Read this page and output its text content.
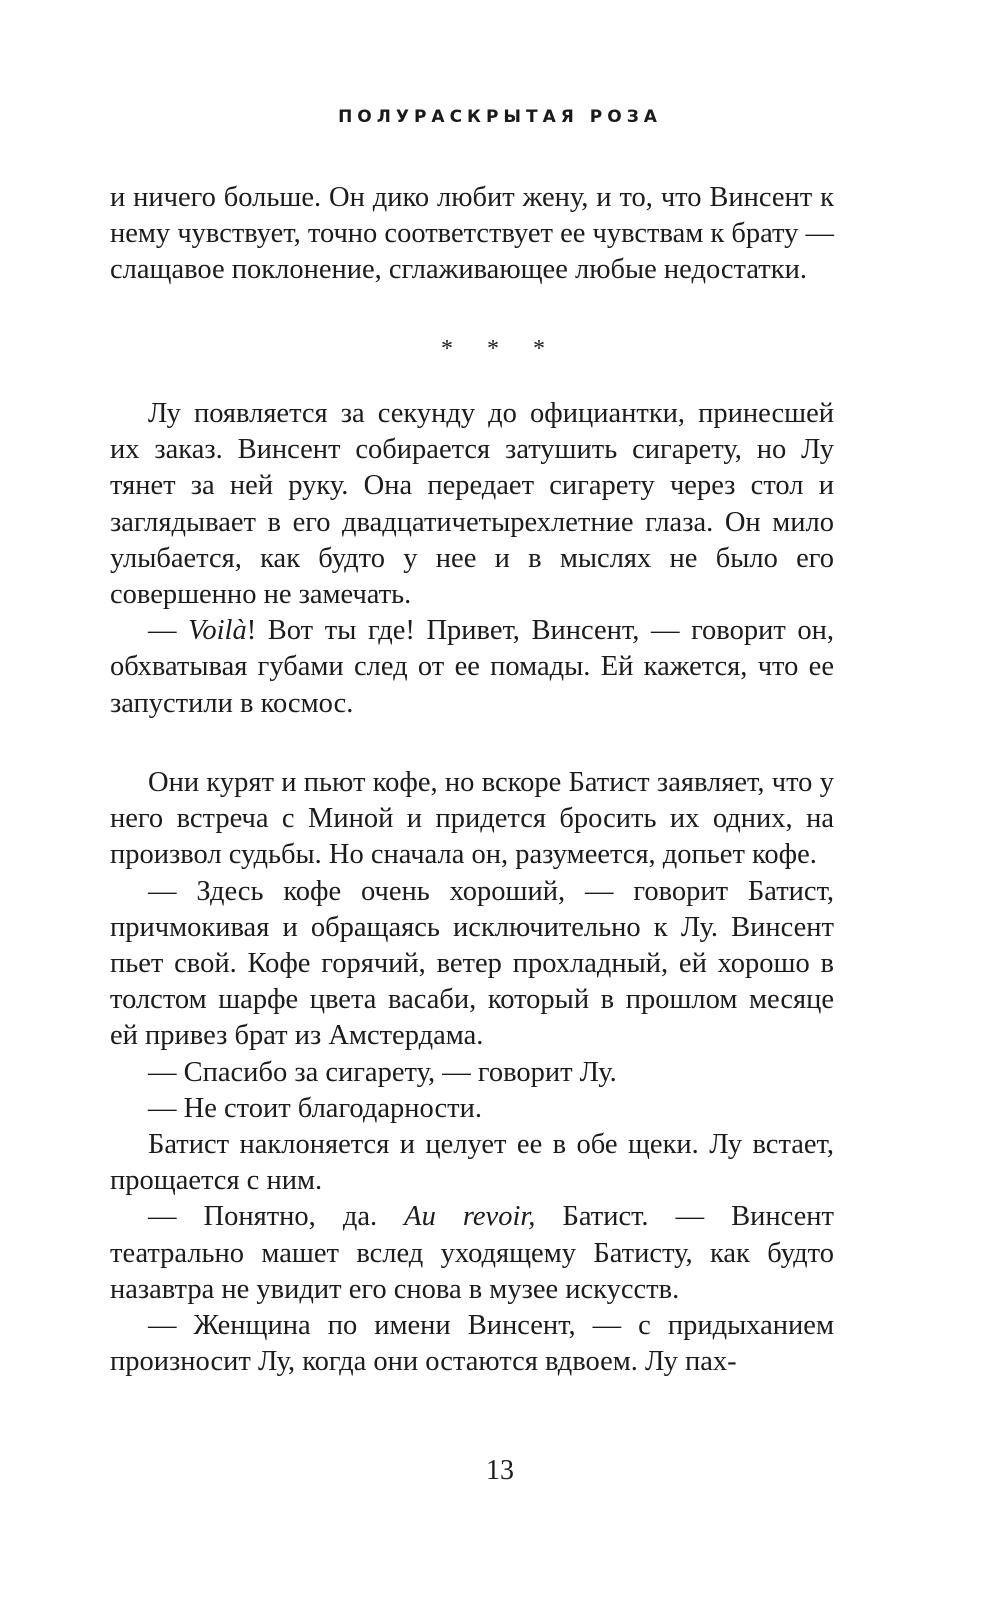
ПОЛУРАСКРЫТАЯ РОЗА

и ничего больше. Он дико любит жену, и то, что Винсент к нему чувствует, точно соответствует ее чувствам к брату — слащавое поклонение, сглаживающее любые недостатки.

* * *

Лу появляется за секунду до официантки, принесшей их заказ. Винсент собирается затушить сигарету, но Лу тянет за ней руку. Она передает сигарету через стол и заглядывает в его двадцатичетырехлетние глаза. Он мило улыбается, как будто у нее и в мыслях не было его совершенно не замечать.

— Voilà! Вот ты где! Привет, Винсент, — говорит он, обхватывая губами след от ее помады. Ей кажется, что ее запустили в космос.

Они курят и пьют кофе, но вскоре Батист заявляет, что у него встреча с Миной и придется бросить их одних, на произвол судьбы. Но сначала он, разумеется, допьет кофе.

— Здесь кофе очень хороший, — говорит Батист, причмокивая и обращаясь исключительно к Лу. Винсент пьет свой. Кофе горячий, ветер прохладный, ей хорошо в толстом шарфе цвета васаби, который в прошлом месяце ей привез брат из Амстердама.

— Спасибо за сигарету, — говорит Лу.

— Не стоит благодарности.

Батист наклоняется и целует ее в обе щеки. Лу встает, прощается с ним.

— Понятно, да. Au revoir, Батист. — Винсент театрально машет вслед уходящему Батисту, как будто назавтра не увидит его снова в музее искусств.

— Женщина по имени Винсент, — с придыханием произносит Лу, когда они остаются вдвоем. Лу пах-

13
